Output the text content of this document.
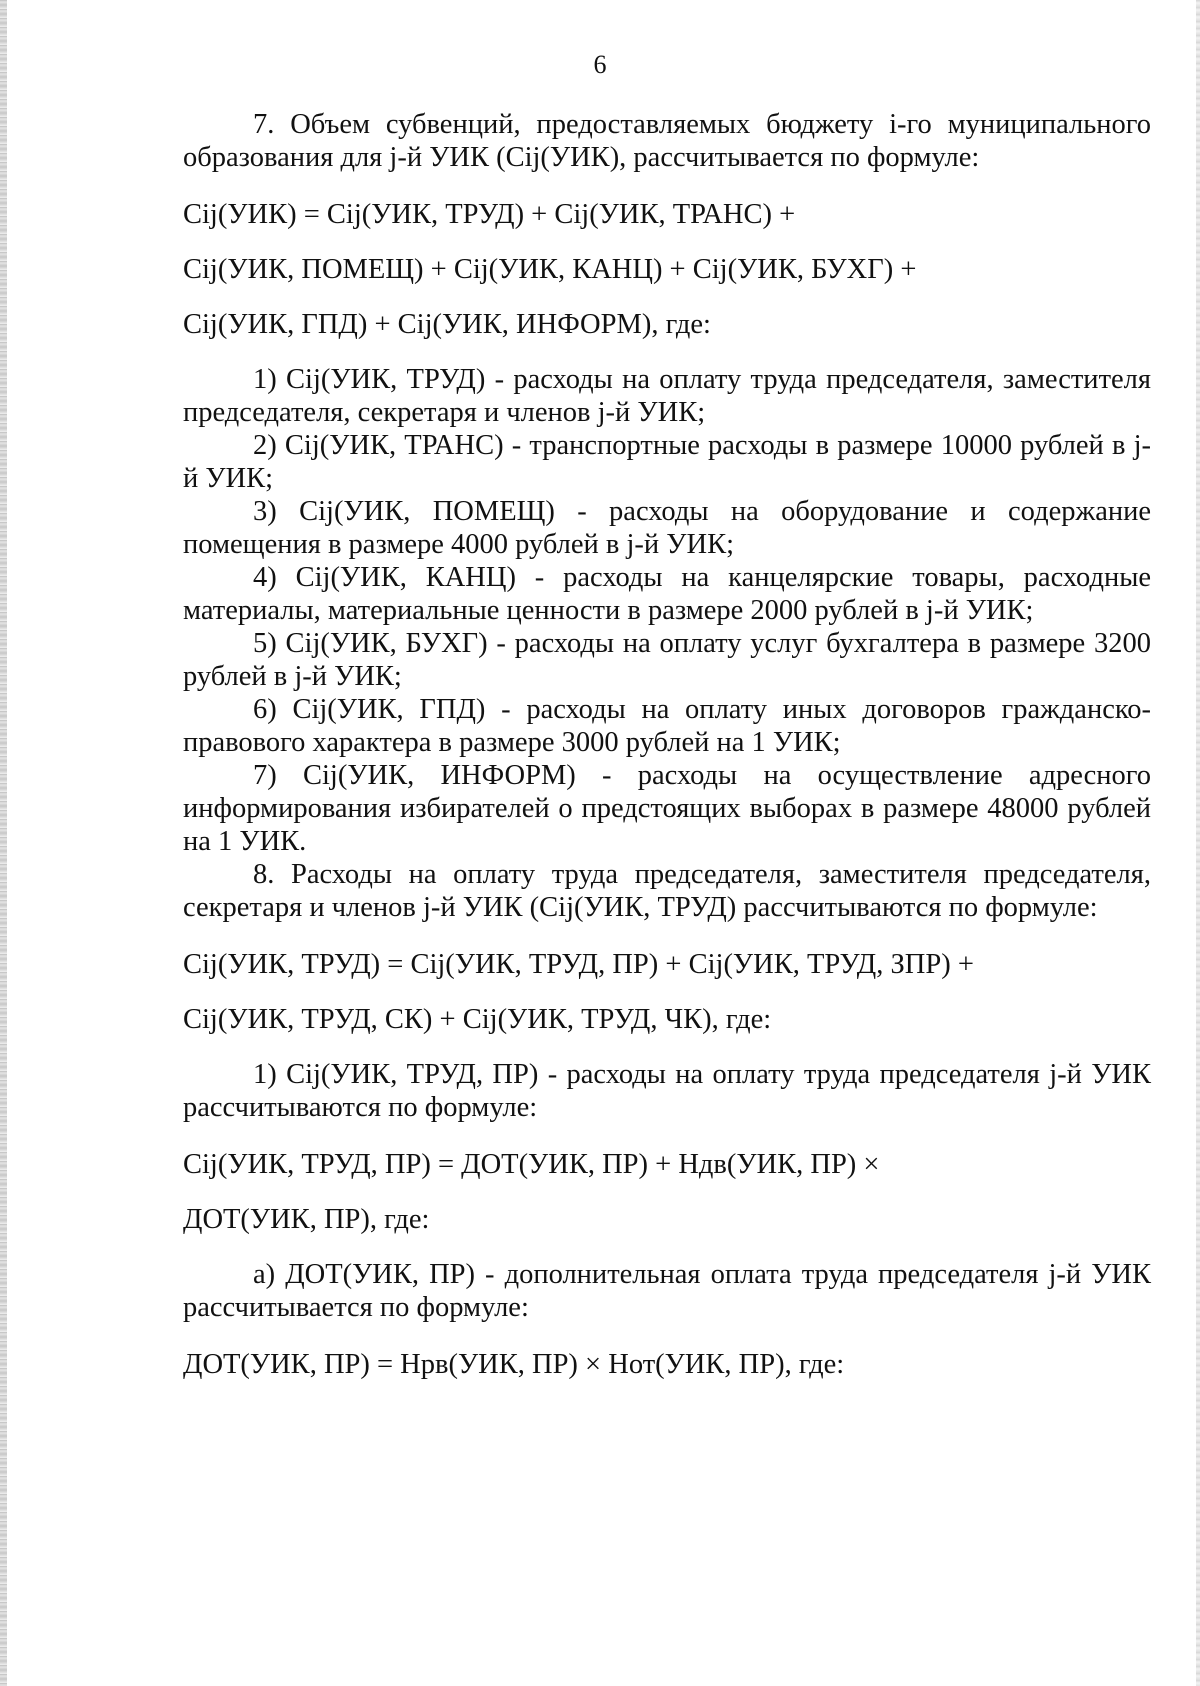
6

7. Объем субвенций, предоставляемых бюджету i-го муниципального образования для j-й УИК (Cij(УИК), рассчитывается по формуле:

Cij(УИК) = Cij(УИК, ТРУД) + Cij(УИК, ТРАНС) +

Cij(УИК, ПОМЕЩ) + Cij(УИК, КАНЦ) + Cij(УИК, БУХГ) +

Cij(УИК, ГПД) + Cij(УИК, ИНФОРМ), где:

1) Cij(УИК, ТРУД) - расходы на оплату труда председателя, заместителя председателя, секретаря и членов j-й УИК;

2) Cij(УИК, ТРАНС) - транспортные расходы в размере 10000 рублей в j-й УИК;

3) Cij(УИК, ПОМЕЩ) - расходы на оборудование и содержание помещения в размере 4000 рублей в j-й УИК;

4) Cij(УИК, КАНЦ) - расходы на канцелярские товары, расходные материалы, материальные ценности в размере 2000 рублей в j-й УИК;

5) Cij(УИК, БУХГ) - расходы на оплату услуг бухгалтера в размере 3200 рублей в j-й УИК;

6) Cij(УИК, ГПД) - расходы на оплату иных договоров гражданско-правового характера в размере 3000 рублей на 1 УИК;

7) Cij(УИК, ИНФОРМ) - расходы на осуществление адресного информирования избирателей о предстоящих выборах в размере 48000 рублей на 1 УИК.

8. Расходы на оплату труда председателя, заместителя председателя, секретаря и членов j-й УИК (Cij(УИК, ТРУД) рассчитываются по формуле:

Cij(УИК, ТРУД) = Cij(УИК, ТРУД, ПР) + Cij(УИК, ТРУД, ЗПР) +

Cij(УИК, ТРУД, СК) + Cij(УИК, ТРУД, ЧК), где:

1) Cij(УИК, ТРУД, ПР) - расходы на оплату труда председателя j-й УИК рассчитываются по формуле:

Cij(УИК, ТРУД, ПР) = ДОТ(УИК, ПР) + Ндв(УИК, ПР) ×

ДОТ(УИК, ПР), где:

а) ДОТ(УИК, ПР) - дополнительная оплата труда председателя j-й УИК рассчитывается по формуле:

ДОТ(УИК, ПР) = Нрв(УИК, ПР) × Нот(УИК, ПР), где:
